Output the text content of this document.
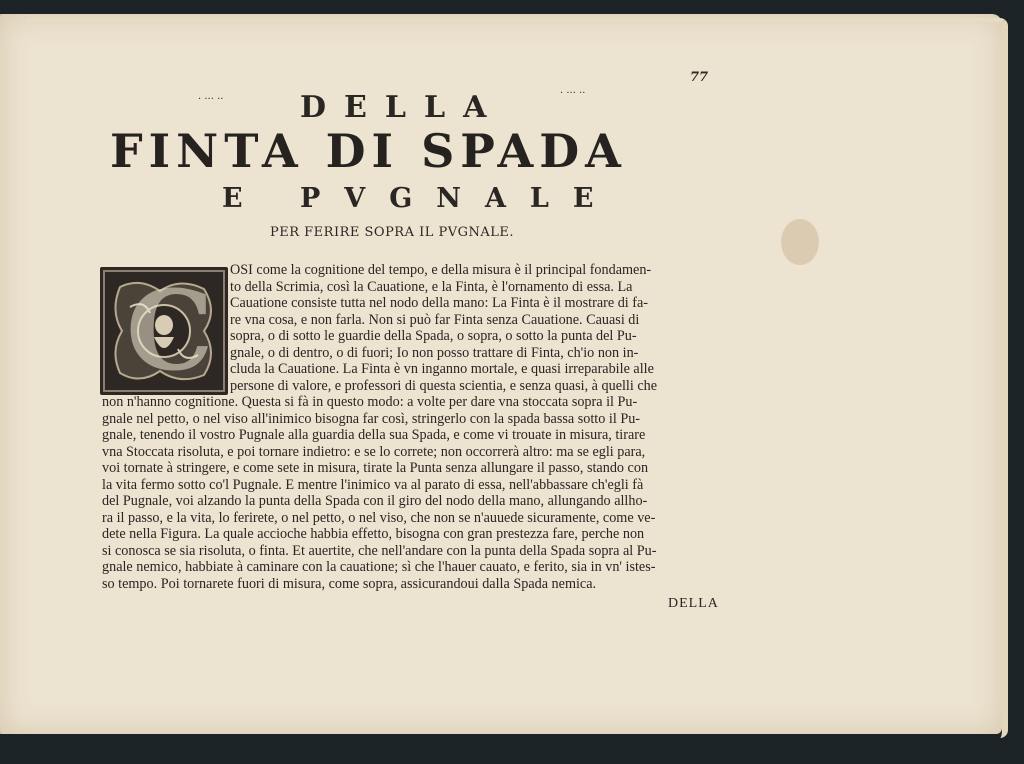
· ··· ··
· ··· ··
77
DELLA
FINTA DI SPADA
E PVGNALE
PER FERIRE SOPRA IL PVGNALE.
C	OSI come la cognitione del tempo, e della misura è il principal fondamen-
to della Scrimia, così la Cauatione, e la Finta, è l'ornamento di essa. La
Cauatione consiste tutta nel nodo della mano: La Finta è il mostrare di fa-
re vna cosa, e non farla. Non si può far Finta senza Cauatione. Cauasi di
sopra, o di sotto le guardie della Spada, o sopra, o sotto la punta del Pu-
gnale, o di dentro, o di fuori; Io non posso trattare di Finta, ch'io non in-
cluda la Cauatione. La Finta è vn inganno mortale, e quasi irreparabile alle
persone di valore, e professori di questa scientia, e senza quasi, à quelli che
non n'hanno cognitione. Questa si fà in questo modo: a volte per dare vna stoccata sopra il Pu-
gnale nel petto, o nel viso all'inimico bisogna far così, stringerlo con la spada bassa sotto il Pu-
gnale, tenendo il vostro Pugnale alla guardia della sua Spada, e come vi trouate in misura, tirare
vna Stoccata risoluta, e poi tornare indietro: e se lo correte; non occorrerà altro: ma se egli para,
voi tornate à stringere, e come sete in misura, tirate la Punta senza allungare il passo, stando con
la vita fermo sotto co'l Pugnale. E mentre l'inimico va al parato di essa, nell'abbassare ch'egli fà
del Pugnale, voi alzando la punta della Spada con il giro del nodo della mano, allungando allho-
ra il passo, e la vita, lo ferirete, o nel petto, o nel viso, che non se n'auuede sicuramente, come ve-
dete nella Figura. La quale accioche habbia effetto, bisogna con gran prestezza fare, perche non
si conosca se sia risoluta, o finta. Et auertite, che nell'andare con la punta della Spada sopra al Pu-
gnale nemico, habbiate à caminare con la cauatione; sì che l'hauer cauato, e ferito, sia in vn' istes-
so tempo. Poi tornarete fuori di misura, come sopra, assicurandoui dalla Spada nemica.
DELLA
